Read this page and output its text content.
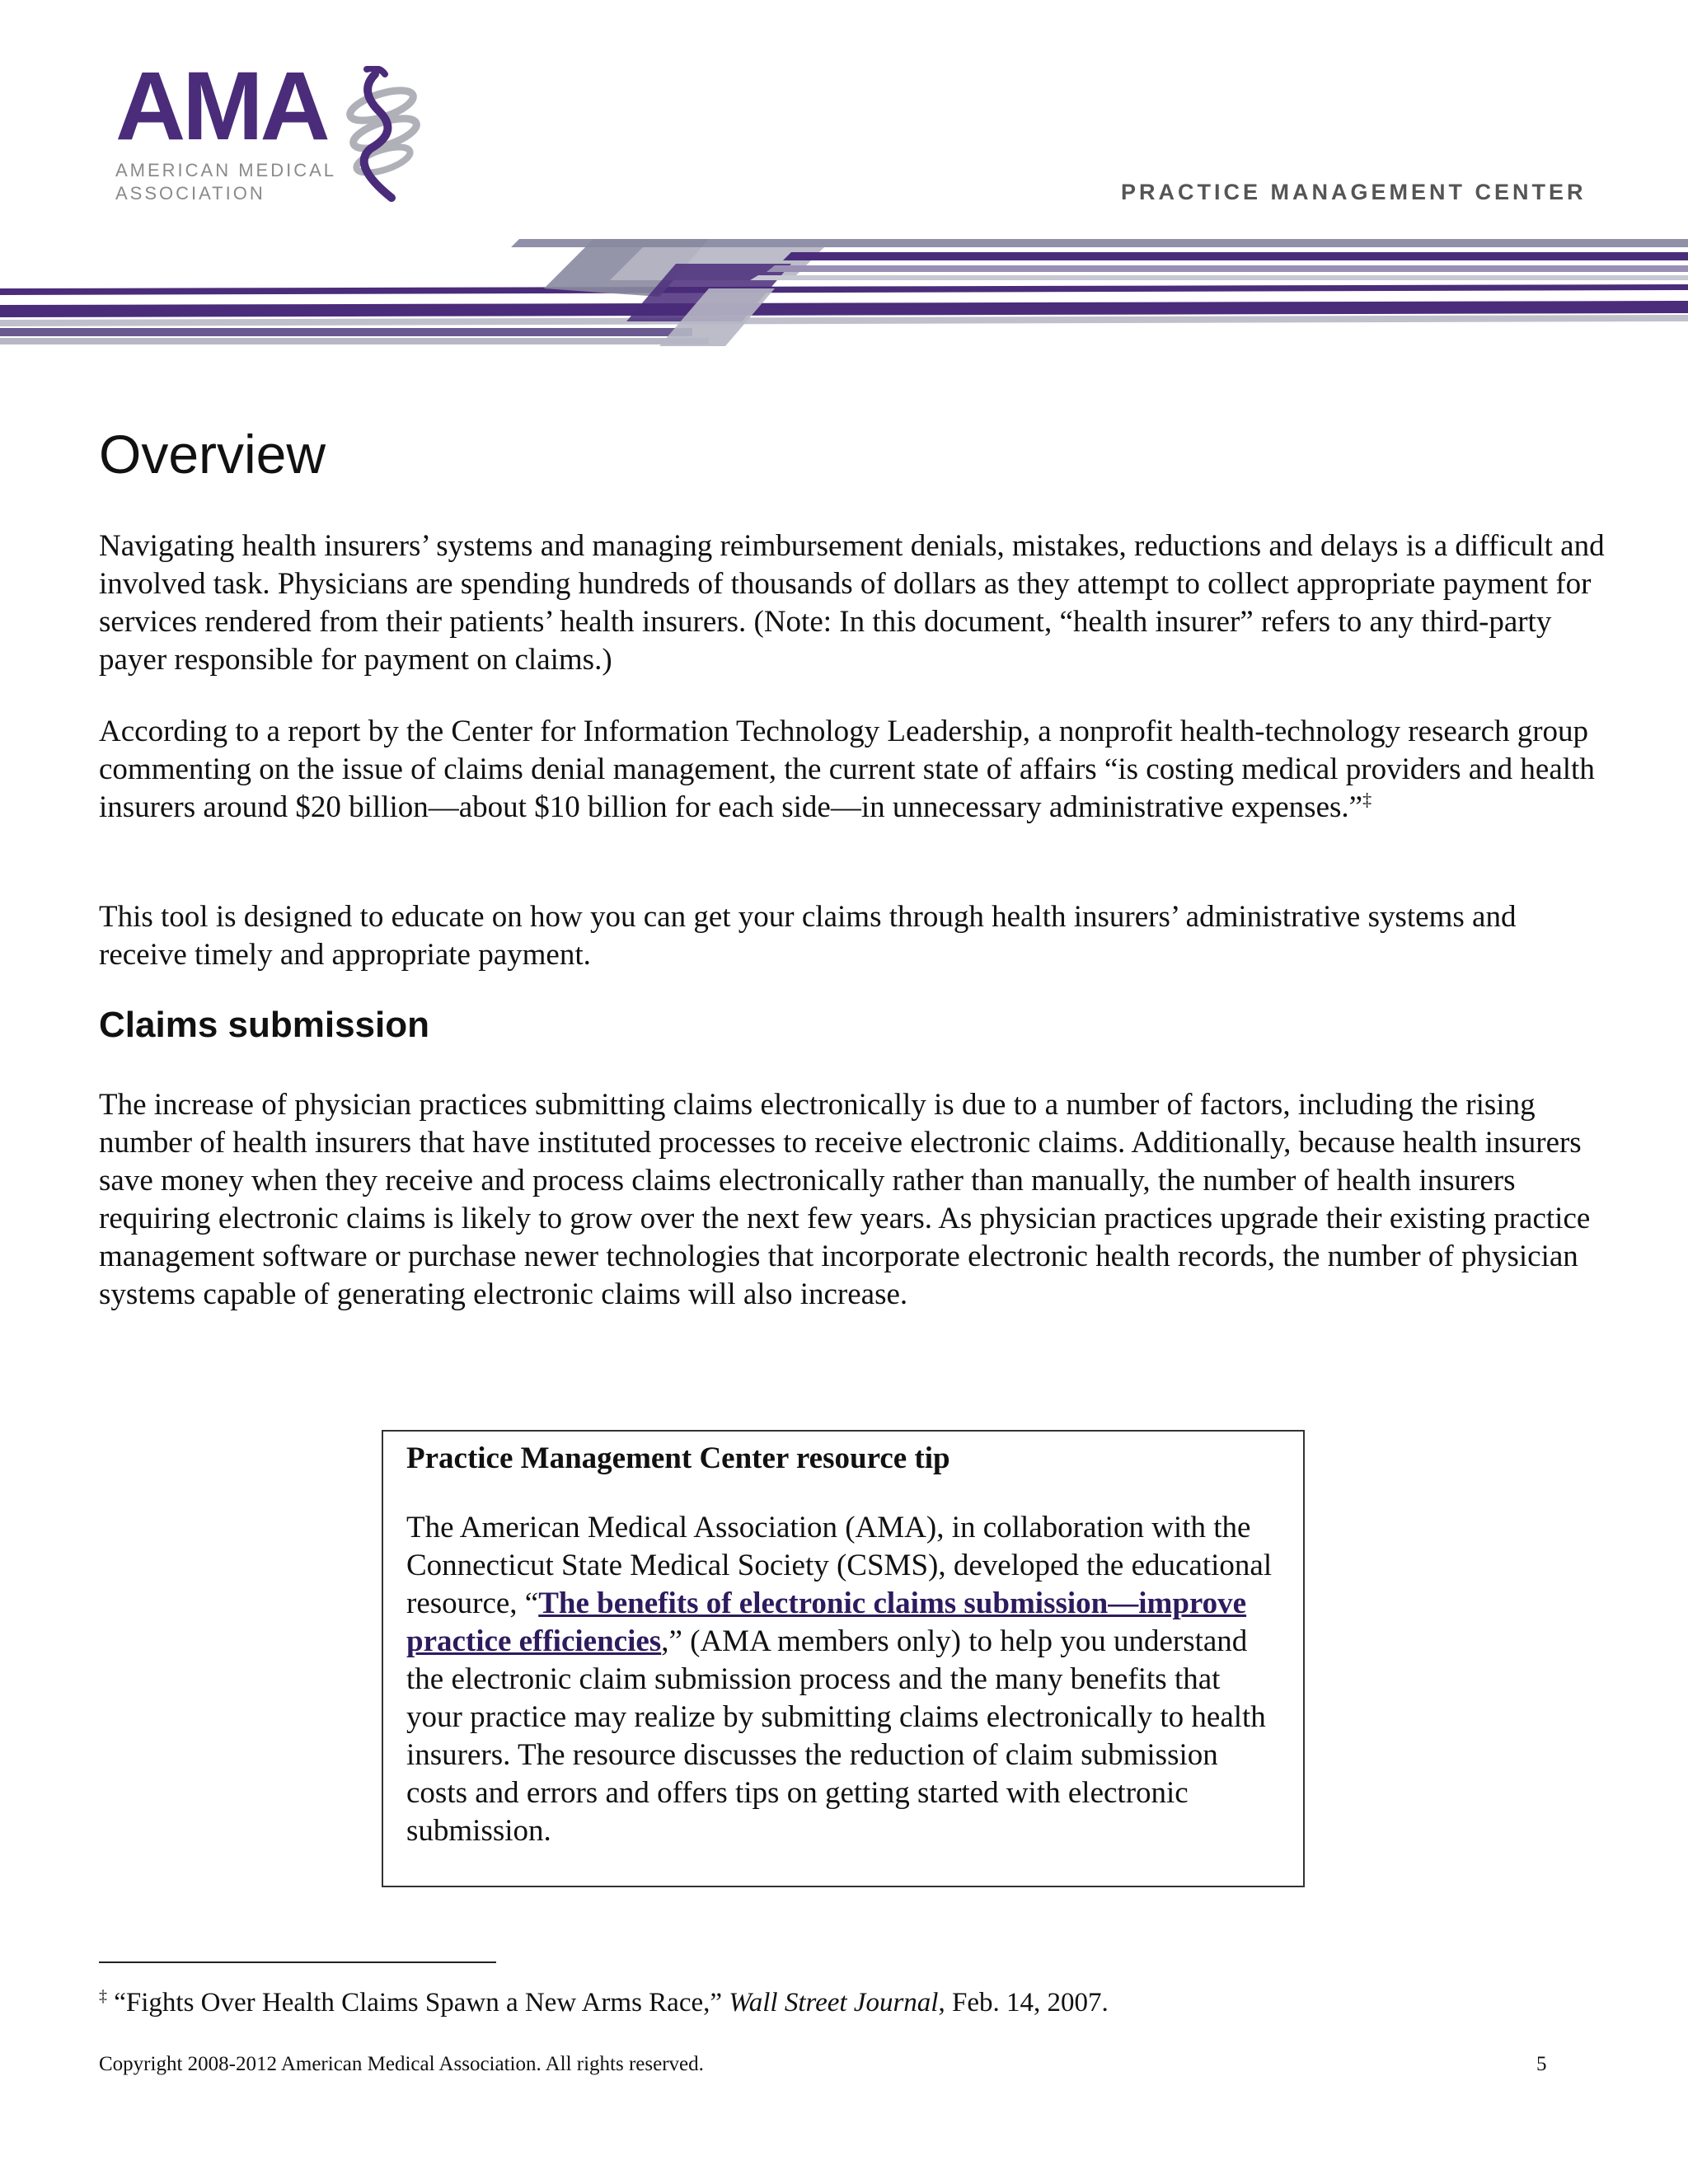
AMA
AMERICAN MEDICAL
ASSOCIATION	PRACTICE MANAGEMENT CENTER
Overview

Navigating health insurers’ systems and managing reimbursement denials, mistakes, reductions and delays is a difficult and involved task. Physicians are spending hundreds of thousands of dollars as they attempt to collect appropriate payment for services rendered from their patients’ health insurers. (Note: In this document, “health insurer” refers to any third-party payer responsible for payment on claims.)

According to a report by the Center for Information Technology Leadership, a nonprofit health-technology research group commenting on the issue of claims denial management, the current state of affairs “is costing medical providers and health insurers around $20 billion—about $10 billion for each side—in unnecessary administrative expenses.”‡

This tool is designed to educate on how you can get your claims through health insurers’ administrative systems and receive timely and appropriate payment.

Claims submission

The increase of physician practices submitting claims electronically is due to a number of factors, including the rising number of health insurers that have instituted processes to receive electronic claims. Additionally, because health insurers save money when they receive and process claims electronically rather than manually, the number of health insurers requiring electronic claims is likely to grow over the next few years. As physician practices upgrade their existing practice management software or purchase newer technologies that incorporate electronic health records, the number of physician systems capable of generating electronic claims will also increase.

Practice Management Center resource tip

The American Medical Association (AMA), in collaboration with the Connecticut State Medical Society (CSMS), developed the educational resource, “The benefits of electronic claims submission—improve practice efficiencies,” (AMA members only) to help you understand the electronic claim submission process and the many benefits that your practice may realize by submitting claims electronically to health insurers. The resource discusses the reduction of claim submission costs and errors and offers tips on getting started with electronic submission.

‡ “Fights Over Health Claims Spawn a New Arms Race,” Wall Street Journal, Feb. 14, 2007.
Copyright 2008-2012 American Medical Association. All rights reserved.	5
